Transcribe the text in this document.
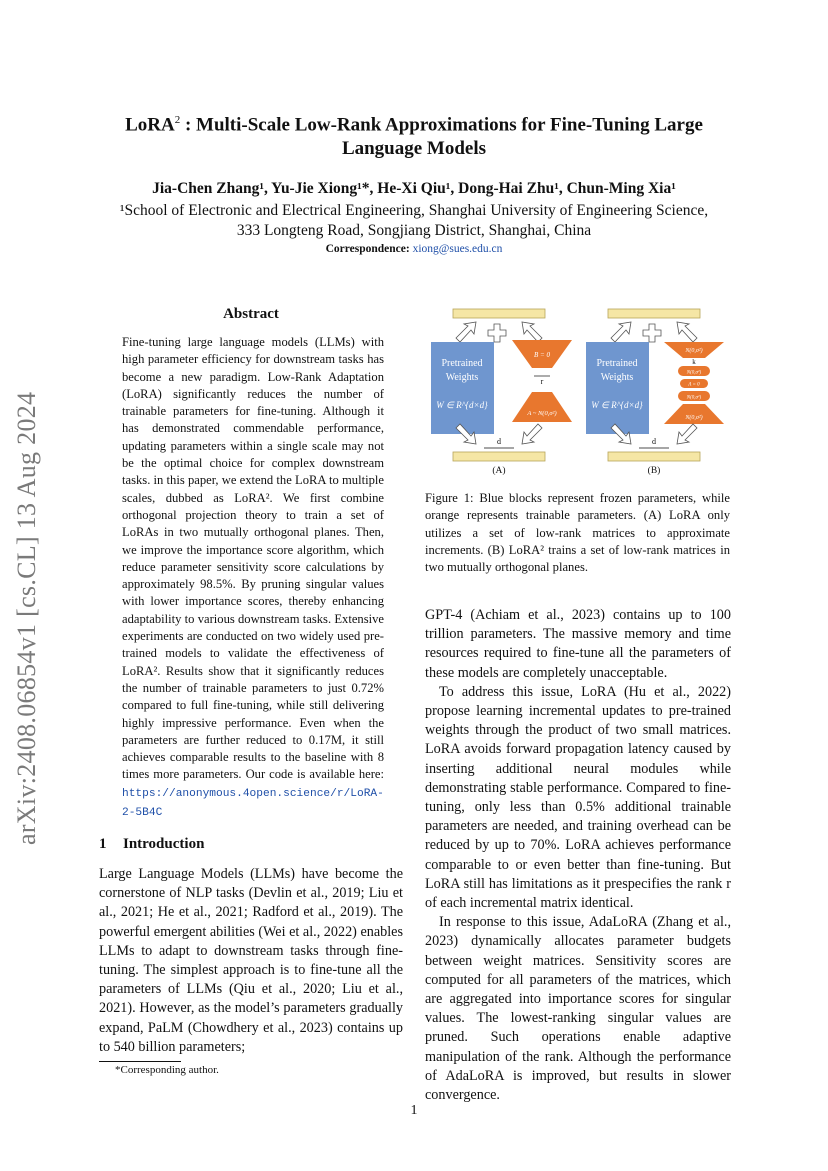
LoRA$^2$ : Multi-Scale Low-Rank Approximations for Fine-Tuning Large
Language Models
Jia-Chen Zhang¹, Yu-Jie Xiong¹*, He-Xi Qiu¹, Dong-Hai Zhu¹, Chun-Ming Xia¹
¹School of Electronic and Electrical Engineering, Shanghai University of Engineering Science,
333 Longteng Road, Songjiang District, Shanghai, China
Correspondence: xiong@sues.edu.cn
arXiv:2408.06854v1 [cs.CL] 13 Aug 2024
Abstract
Fine-tuning large language models (LLMs) with high parameter efficiency for downstream tasks has become a new paradigm. Low-Rank Adaptation (LoRA) significantly reduces the number of trainable parameters for fine-tuning. Although it has demonstrated commendable performance, updating parameters within a single scale may not be the optimal choice for complex downstream tasks. in this paper, we extend the LoRA to multiple scales, dubbed as LoRA². We first combine orthogonal projection theory to train a set of LoRAs in two mutually orthogonal planes. Then, we improve the importance score algorithm, which reduce parameter sensitivity score calculations by approximately 98.5%. By pruning singular values with lower importance scores, thereby enhancing adaptability to various downstream tasks. Extensive experiments are conducted on two widely used pre-trained models to validate the effectiveness of LoRA². Results show that it significantly reduces the number of trainable parameters to just 0.72% compared to full fine-tuning, while still delivering highly impressive performance. Even when the parameters are further reduced to 0.17M, it still achieves comparable results to the baseline with 8 times more parameters. Our code is available here: https://anonymous.4open.science/r/LoRA-2-5B4C
1 Introduction
Large Language Models (LLMs) have become the cornerstone of NLP tasks (Devlin et al., 2019; Liu et al., 2021; He et al., 2021; Radford et al., 2019). The powerful emergent abilities (Wei et al., 2022) enables LLMs to adapt to downstream tasks through fine-tuning. The simplest approach is to fine-tune all the parameters of LLMs (Qiu et al., 2020; Liu et al., 2021). However, as the model’s parameters gradually expand, PaLM (Chowdhery et al., 2023) contains up to 540 billion parameters;
*Corresponding author.
Pretrained
Weights
W ∈ R^{d×d}
B = 0
r
A ~ N(0,σ²)
d
(A)
Pretrained
Weights
W ∈ R^{d×d}
N(0,σ²)
k
N(0,σ²)
Λ = 0
N(0,σ²)
N(0,σ²)
d
(B)
Figure 1: Blue blocks represent frozen parameters, while orange represents trainable parameters. (A) LoRA only utilizes a set of low-rank matrices to approximate increments. (B) LoRA² trains a set of low-rank matrices in two mutually orthogonal planes.

GPT-4 (Achiam et al., 2023) contains up to 100 trillion parameters. The massive memory and time resources required to fine-tune all the parameters of these models are completely unacceptable.

To address this issue, LoRA (Hu et al., 2022) propose learning incremental updates to pre-trained weights through the product of two small matrices. LoRA avoids forward propagation latency caused by inserting additional neural modules while demonstrating stable performance. Compared to fine-tuning, only less than 0.5% additional trainable parameters are needed, and training overhead can be reduced by up to 70%. LoRA achieves performance comparable to or even better than fine-tuning. But LoRA still has limitations as it prespecifies the rank r of each incremental matrix identical.

In response to this issue, AdaLoRA (Zhang et al., 2023) dynamically allocates parameter budgets between weight matrices. Sensitivity scores are computed for all parameters of the matrices, which are aggregated into importance scores for singular values. The lowest-ranking singular values are pruned. Such operations enable adaptive manipulation of the rank. Although the performance of AdaLoRA is improved, but results in slower convergence.

1
